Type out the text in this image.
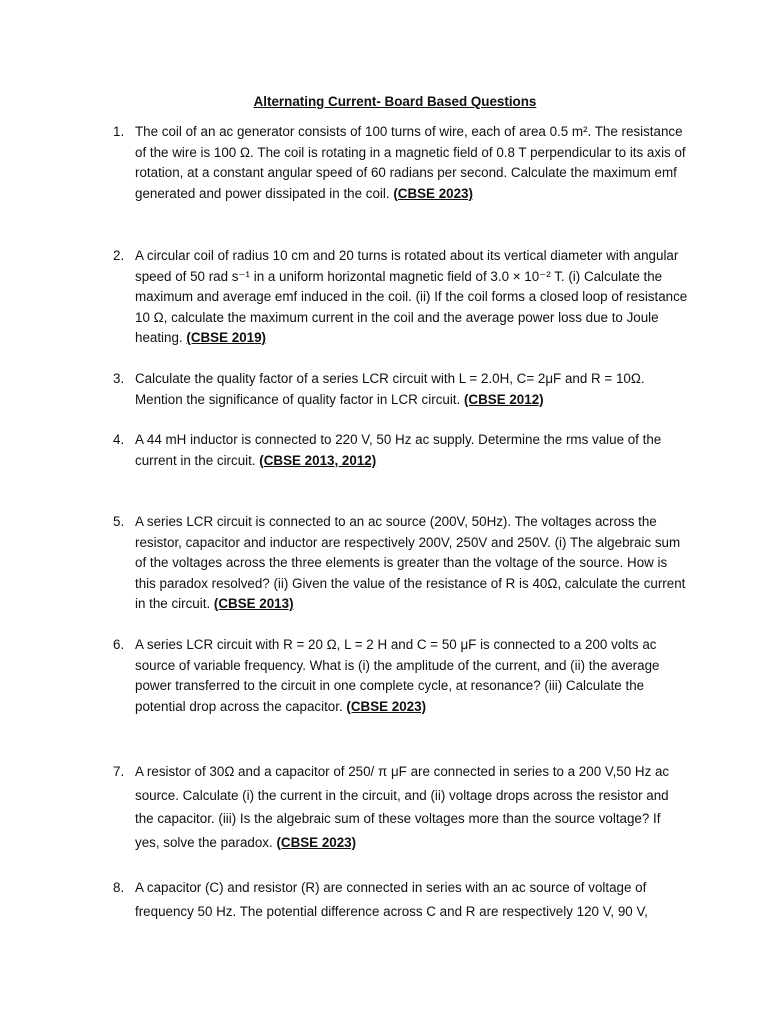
Alternating Current- Board Based Questions
1. The coil of an ac generator consists of 100 turns of wire, each of area 0.5 m². The resistance of the wire is 100 Ω. The coil is rotating in a magnetic field of 0.8 T perpendicular to its axis of rotation, at a constant angular speed of 60 radians per second. Calculate the maximum emf generated and power dissipated in the coil. (CBSE 2023)
2. A circular coil of radius 10 cm and 20 turns is rotated about its vertical diameter with angular speed of 50 rad s⁻¹ in a uniform horizontal magnetic field of 3.0 × 10⁻² T. (i) Calculate the maximum and average emf induced in the coil. (ii) If the coil forms a closed loop of resistance 10 Ω, calculate the maximum current in the coil and the average power loss due to Joule heating. (CBSE 2019)
3. Calculate the quality factor of a series LCR circuit with L = 2.0H, C= 2μF and R = 10Ω. Mention the significance of quality factor in LCR circuit. (CBSE 2012)
4. A 44 mH inductor is connected to 220 V, 50 Hz ac supply. Determine the rms value of the current in the circuit. (CBSE 2013, 2012)
5. A series LCR circuit is connected to an ac source (200V, 50Hz). The voltages across the resistor, capacitor and inductor are respectively 200V, 250V and 250V. (i) The algebraic sum of the voltages across the three elements is greater than the voltage of the source. How is this paradox resolved? (ii) Given the value of the resistance of R is 40Ω, calculate the current in the circuit. (CBSE 2013)
6. A series LCR circuit with R = 20 Ω, L = 2 H and C = 50 μF is connected to a 200 volts ac source of variable frequency. What is (i) the amplitude of the current, and (ii) the average power transferred to the circuit in one complete cycle, at resonance? (iii) Calculate the potential drop across the capacitor. (CBSE 2023)
7. A resistor of 30Ω and a capacitor of 250/ π μF are connected in series to a 200 V,50 Hz ac source. Calculate (i) the current in the circuit, and (ii) voltage drops across the resistor and the capacitor. (iii) Is the algebraic sum of these voltages more than the source voltage? If yes, solve the paradox. (CBSE 2023)
8. A capacitor (C) and resistor (R) are connected in series with an ac source of voltage of frequency 50 Hz. The potential difference across C and R are respectively 120 V, 90 V,
